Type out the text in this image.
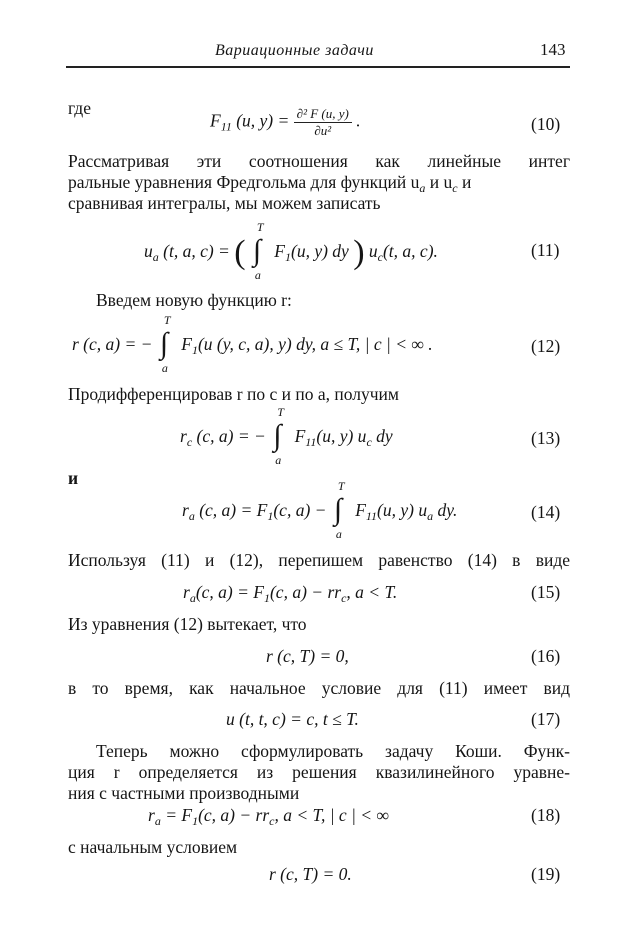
Вариационные задачи	143
где
$F_{11}$ (u, $y) = \frac{\text{∂² F (u, y)}}{\text{∂u²}}$ .	(10)
Рассматривая эти соотношения как линейные интег
ральные уравнения Фредгольма для функций $u_a$ и $u_c$ и
сравнивая интегралы, мы можем записать
$u_a$ (t, a, c) = ( ∫
T
a
$F_1(u$, y) dy ) $u_c(t$, a, c).	(11)
Введем новую функцию r:
r (c, a) = − ∫
T
a
$F_1(u$ (y, c, a), y) dy, a ≤ T, | c | < ∞ .	(12)
Продифференцировав r по c и по a, получим
$r_c$ (c, a) = − ∫
T
a
$F_{11}(u$, y) $u_c$ dy	(13)
и
$r_a$ (c, $a) = F_1(c$, a) − ∫
T
a
$F_{11}(u$, y) $u_a$ dy.	(14)
Используя (11) и (12), перепишем равенство (14) в виде
$r_a(c$, $a) = F_1(c$, $a) - rr_c$, a < T.	(15)
Из уравнения (12) вытекает, что
r (c, T) = 0,	(16)
в то время, как начальное условие для (11) имеет вид
u (t, t, c) = c, t ≤ T.	(17)
Теперь можно сформулировать задачу Коши. Функ-
ция r определяется из решения квазилинейного уравне-
ния с частными производными
$r_a = F_1(c$, $a) - rr_c$, a < T, | c | < ∞	(18)
с начальным условием
r (c, T) = 0.	(19)
